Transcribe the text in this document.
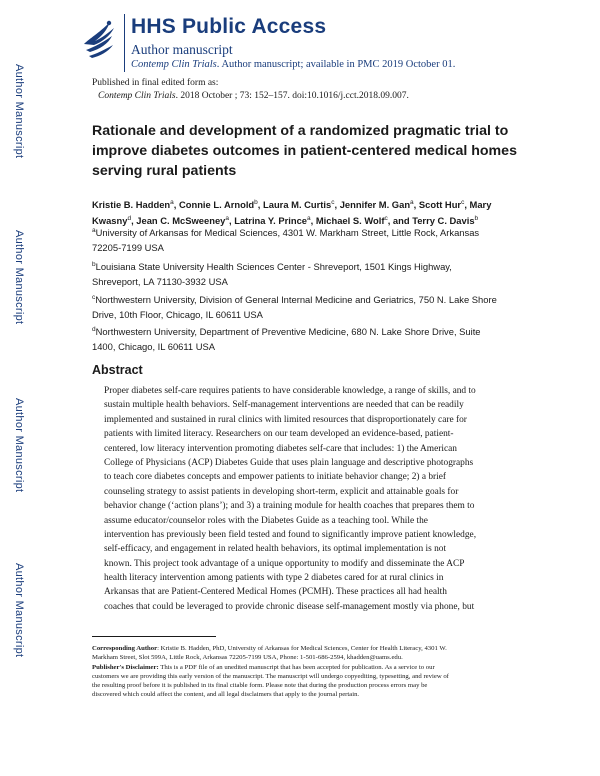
HHS Public Access
Author manuscript
Contemp Clin Trials. Author manuscript; available in PMC 2019 October 01.
Author Manuscript
Author Manuscript
Author Manuscript
Author Manuscript
Published in final edited form as:
Contemp Clin Trials. 2018 October ; 73: 152–157. doi:10.1016/j.cct.2018.09.007.
Rationale and development of a randomized pragmatic trial to improve diabetes outcomes in patient-centered medical homes serving rural patients
Kristie B. Hadden$^a$, Connie L. Arnold$^b$, Laura M. Curtis$^c$, Jennifer M. Gan$^a$, Scott Hur$^c$, Mary
Kwasny$^d$, Jean C. McSweeney$^a$, Latrina Y. Prince$^a$, Michael S. Wolf$^c$, and Terry C. Davis$^b$
$^a$University of Arkansas for Medical Sciences, 4301 W. Markham Street, Little Rock, Arkansas
72205-7199 USA
$^b$Louisiana State University Health Sciences Center - Shreveport, 1501 Kings Highway,
Shreveport, LA 71130-3932 USA
$^c$Northwestern University, Division of General Internal Medicine and Geriatrics, 750 N. Lake Shore
Drive, 10th Floor, Chicago, IL 60611 USA
$^d$Northwestern University, Department of Preventive Medicine, 680 N. Lake Shore Drive, Suite
1400, Chicago, IL 60611 USA
Abstract
Proper diabetes self-care requires patients to have considerable knowledge, a range of skills, and to
sustain multiple health behaviors. Self-management interventions are needed that can be readily
implemented and sustained in rural clinics with limited resources that disproportionately care for
patients with limited literacy. Researchers on our team developed an evidence-based, patient-
centered, low literacy intervention promoting diabetes self-care that includes: 1) the American
College of Physicians (ACP) Diabetes Guide that uses plain language and descriptive photographs
to teach core diabetes concepts and empower patients to initiate behavior change; 2) a brief
counseling strategy to assist patients in developing short-term, explicit and attainable goals for
behavior change (‘action plans’); and 3) a training module for health coaches that prepares them to
assume educator/counselor roles with the Diabetes Guide as a teaching tool. While the
intervention has previously been field tested and found to significantly improve patient knowledge,
self-efficacy, and engagement in related health behaviors, its optimal implementation is not
known. This project took advantage of a unique opportunity to modify and disseminate the ACP
health literacy intervention among patients with type 2 diabetes cared for at rural clinics in
Arkansas that are Patient-Centered Medical Homes (PCMH). These practices all had health
coaches that could be leveraged to provide chronic disease self-management mostly via phone, but
Corresponding Author: Kristie B. Hadden, PhD, University of Arkansas for Medical Sciences, Center for Health Literacy, 4301 W.
Markham Street, Slot 599A, Little Rock, Arkansas 72205-7199 USA, Phone: 1-501-686-2594, khadden@uams.edu.
Publisher's Disclaimer: This is a PDF file of an unedited manuscript that has been accepted for publication. As a service to our
customers we are providing this early version of the manuscript. The manuscript will undergo copyediting, typesetting, and review of
the resulting proof before it is published in its final citable form. Please note that during the production process errors may be
discovered which could affect the content, and all legal disclaimers that apply to the journal pertain.
